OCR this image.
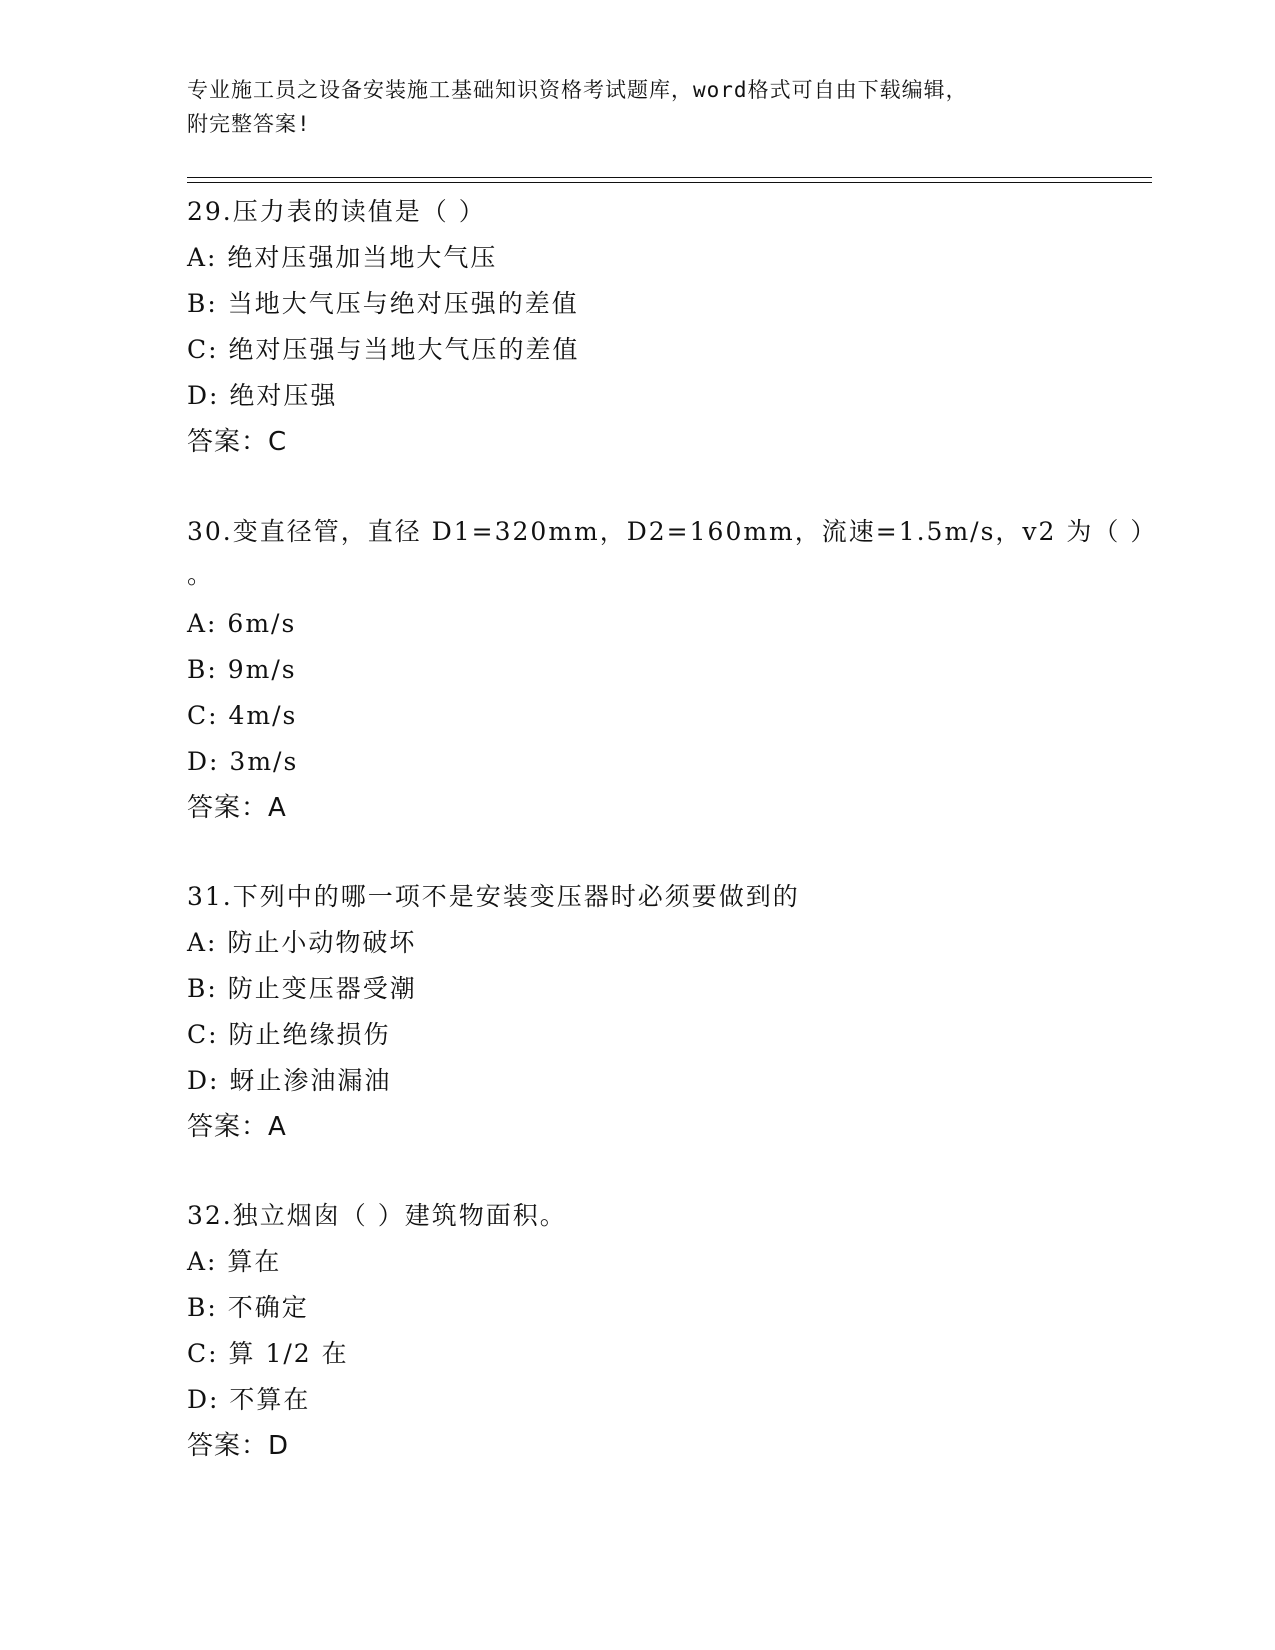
专业施工员之设备安装施工基础知识资格考试题库，word格式可自由下载编辑，
附完整答案!
29.压力表的读值是（ ）
A: 绝对压强加当地大气压
B: 当地大气压与绝对压强的差值
C: 绝对压强与当地大气压的差值
D: 绝对压强
答案：C
30.变直径管，直径 D1=320mm，D2=160mm，流速=1.5m/s，v2 为（ ）
。
A: 6m/s
B: 9m/s
C: 4m/s
D: 3m/s
答案：A
31.下列中的哪一项不是安装变压器时必须要做到的
A: 防止小动物破坏
B: 防止变压器受潮
C: 防止绝缘损伤
D: 蚜止渗油漏油
答案：A
32.独立烟囱（ ）建筑物面积。
A: 算在
B: 不确定
C: 算 1/2 在
D: 不算在
答案：D
